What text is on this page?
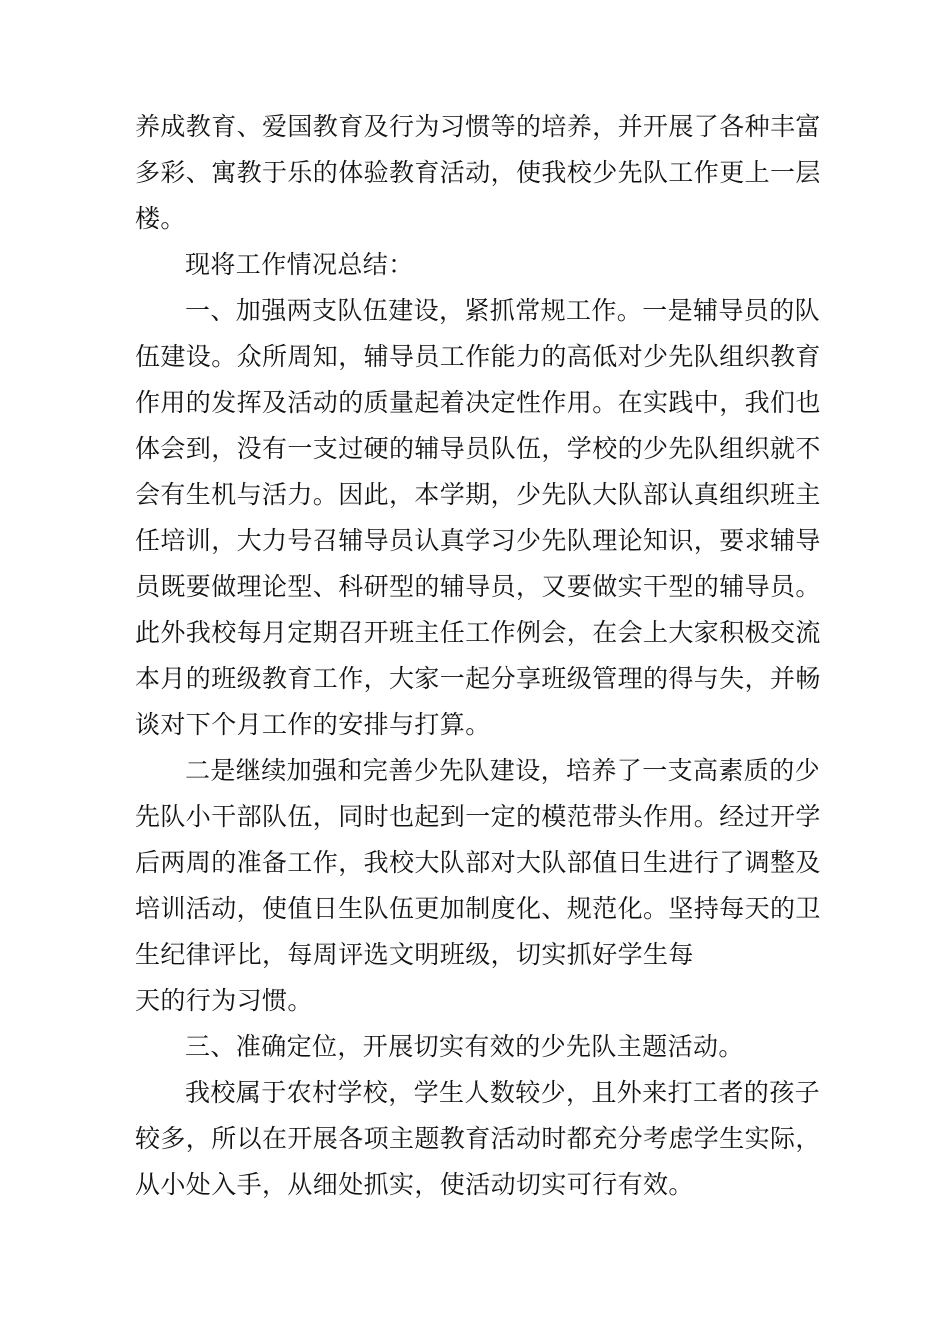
养成教育、爱国教育及行为习惯等的培养，并开展了各种丰富
多彩、寓教于乐的体验教育活动，使我校少先队工作更上一层
楼。
现将工作情况总结：
一、加强两支队伍建设，紧抓常规工作。一是辅导员的队
伍建设。众所周知，辅导员工作能力的高低对少先队组织教育
作用的发挥及活动的质量起着决定性作用。在实践中，我们也
体会到，没有一支过硬的辅导员队伍，学校的少先队组织就不
会有生机与活力。因此，本学期，少先队大队部认真组织班主
任培训，大力号召辅导员认真学习少先队理论知识，要求辅导
员既要做理论型、科研型的辅导员，又要做实干型的辅导员。
此外我校每月定期召开班主任工作例会，在会上大家积极交流
本月的班级教育工作，大家一起分享班级管理的得与失，并畅
谈对下个月工作的安排与打算。
二是继续加强和完善少先队建设，培养了一支高素质的少
先队小干部队伍，同时也起到一定的模范带头作用。经过开学
后两周的准备工作，我校大队部对大队部值日生进行了调整及
培训活动，使值日生队伍更加制度化、规范化。坚持每天的卫
生纪律评比，每周评选文明班级，切实抓好学生每
天的行为习惯。
三、准确定位，开展切实有效的少先队主题活动。
我校属于农村学校，学生人数较少，且外来打工者的孩子
较多，所以在开展各项主题教育活动时都充分考虑学生实际，
从小处入手，从细处抓实，使活动切实可行有效。
